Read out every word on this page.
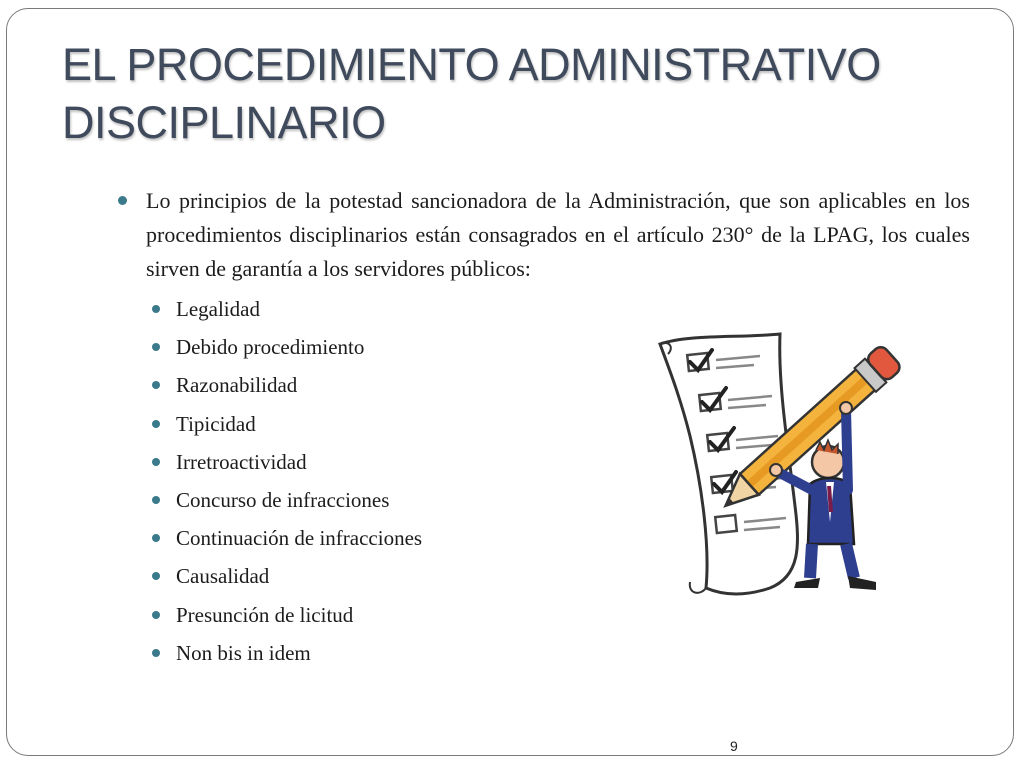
EL PROCEDIMIENTO ADMINISTRATIVO
DISCIPLINARIO
Lo principios de la potestad sancionadora de la Administración, que son aplicables en los procedimientos disciplinarios están consagrados en el artículo 230° de la LPAG, los cuales sirven de garantía a los servidores públicos:
Legalidad
Debido procedimiento
Razonabilidad
Tipicidad
Irretroactividad
Concurso de infracciones
Continuación de infracciones
Causalidad
Presunción de licitud
Non bis in idem
9
